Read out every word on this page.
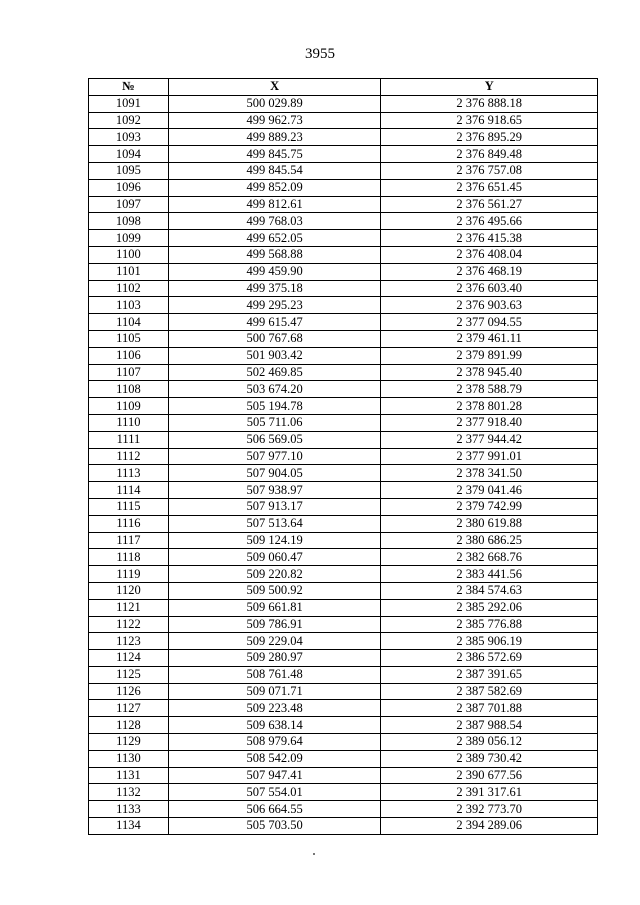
3955
№	X	Y
1091	500 029.89	2 376 888.18
1092	499 962.73	2 376 918.65
1093	499 889.23	2 376 895.29
1094	499 845.75	2 376 849.48
1095	499 845.54	2 376 757.08
1096	499 852.09	2 376 651.45
1097	499 812.61	2 376 561.27
1098	499 768.03	2 376 495.66
1099	499 652.05	2 376 415.38
1100	499 568.88	2 376 408.04
1101	499 459.90	2 376 468.19
1102	499 375.18	2 376 603.40
1103	499 295.23	2 376 903.63
1104	499 615.47	2 377 094.55
1105	500 767.68	2 379 461.11
1106	501 903.42	2 379 891.99
1107	502 469.85	2 378 945.40
1108	503 674.20	2 378 588.79
1109	505 194.78	2 378 801.28
1110	505 711.06	2 377 918.40
1111	506 569.05	2 377 944.42
1112	507 977.10	2 377 991.01
1113	507 904.05	2 378 341.50
1114	507 938.97	2 379 041.46
1115	507 913.17	2 379 742.99
1116	507 513.64	2 380 619.88
1117	509 124.19	2 380 686.25
1118	509 060.47	2 382 668.76
1119	509 220.82	2 383 441.56
1120	509 500.92	2 384 574.63
1121	509 661.81	2 385 292.06
1122	509 786.91	2 385 776.88
1123	509 229.04	2 385 906.19
1124	509 280.97	2 386 572.69
1125	508 761.48	2 387 391.65
1126	509 071.71	2 387 582.69
1127	509 223.48	2 387 701.88
1128	509 638.14	2 387 988.54
1129	508 979.64	2 389 056.12
1130	508 542.09	2 389 730.42
1131	507 947.41	2 390 677.56
1132	507 554.01	2 391 317.61
1133	506 664.55	2 392 773.70
1134	505 703.50	2 394 289.06
